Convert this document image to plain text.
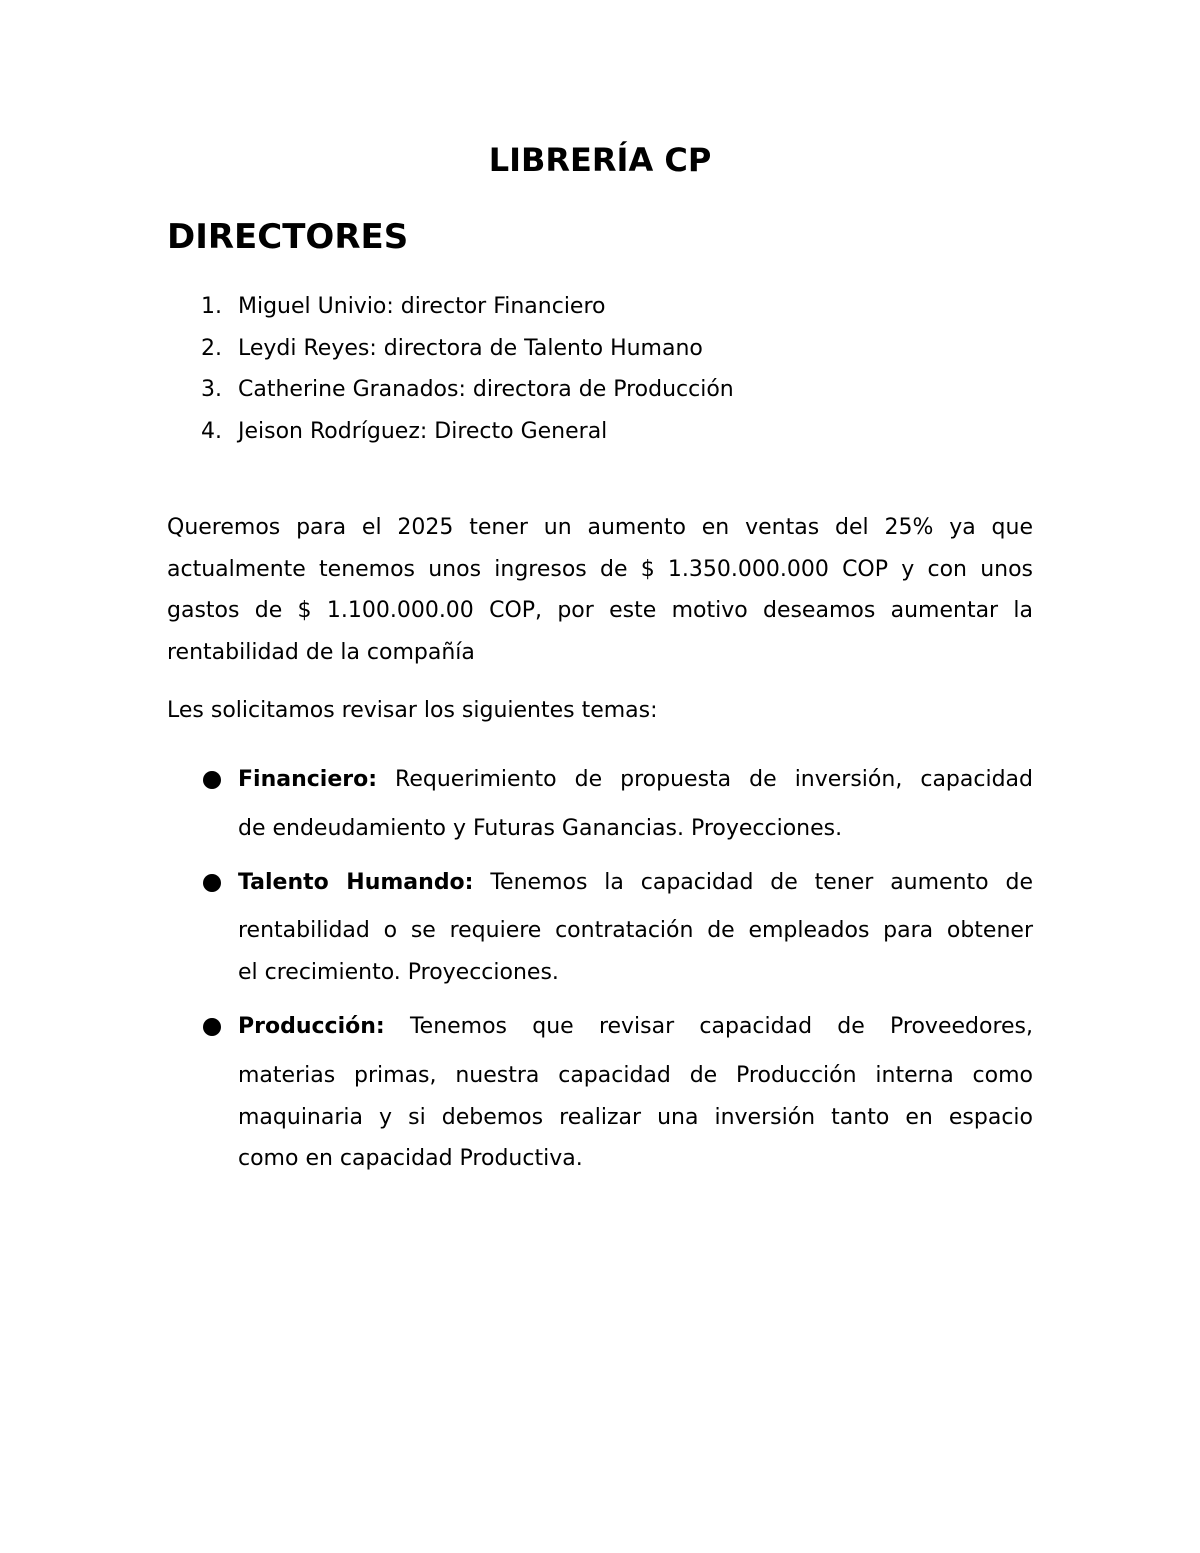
LIBRERÍA CP
DIRECTORES
1. Miguel Univio: director Financiero
2. Leydi Reyes: directora de Talento Humano
3. Catherine Granados: directora de Producción
4. Jeison Rodríguez: Directo General

Queremos para el 2025 tener un aumento en ventas del 25% ya que
actualmente tenemos unos ingresos de $ 1.350.000.000 COP y con unos
gastos de $ 1.100.000.00 COP, por este motivo deseamos aumentar la
rentabilidad de la compañía

Les solicitamos revisar los siguientes temas:

Financiero: Requerimiento de propuesta de inversión, capacidad
de endeudamiento y Futuras Ganancias. Proyecciones.
Talento Humando: Tenemos la capacidad de tener aumento de
rentabilidad o se requiere contratación de empleados para obtener
el crecimiento. Proyecciones.
Producción: Tenemos que revisar capacidad de Proveedores,
materias primas, nuestra capacidad de Producción interna como
maquinaria y si debemos realizar una inversión tanto en espacio
como en capacidad Productiva.
